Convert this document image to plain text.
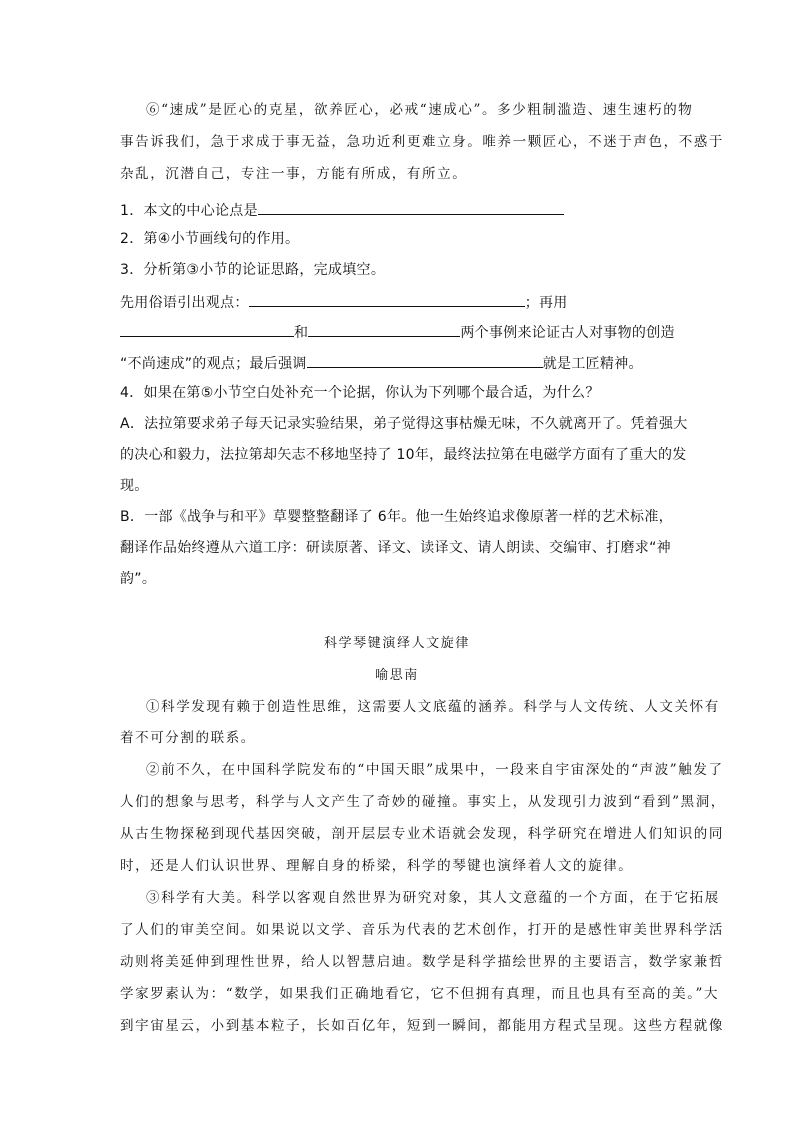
⑥“速成”是匠心的克星，欲养匠心，必戒“速成心”。多少粗制滥造、速生速朽的物
事告诉我们，急于求成于事无益，急功近利更难立身。唯养一颗匠心，不迷于声色，不惑于
杂乱，沉潜自己，专注一事，方能有所成，有所立。
1．本文的中心论点是
2．第④小节画线句的作用。
3．分析第③小节的论证思路，完成填空。
先用俗语引出观点：	；再用
和	两个事例来论证古人对事物的创造
“不尚速成”的观点；最后强调	就是工匠精神。
4．如果在第⑤小节空白处补充一个论据，你认为下列哪个最合适，为什么？
A．法拉第要求弟子每天记录实验结果，弟子觉得这事枯燥无味，不久就离开了。凭着强大
的决心和毅力，法拉第却矢志不移地坚持了 10年，最终法拉第在电磁学方面有了重大的发
现。
B．一部《战争与和平》草婴整整翻译了 6年。他一生始终追求像原著一样的艺术标准，
翻译作品始终遵从六道工序：研读原著、译文、读译文、请人朗读、交编审、打磨求“神
韵”。
科学琴键演绎人文旋律
喻思南
①科学发现有赖于创造性思维，这需要人文底蕴的涵养。科学与人文传统、人文关怀有
着不可分割的联系。
②前不久，在中国科学院发布的“中国天眼”成果中，一段来自宇宙深处的“声波”触发了
人们的想象与思考，科学与人文产生了奇妙的碰撞。事实上，从发现引力波到“看到”黑洞，
从古生物探秘到现代基因突破，剖开层层专业术语就会发现，科学研究在增进人们知识的同
时，还是人们认识世界、理解自身的桥梁，科学的琴键也演绎着人文的旋律。
③科学有大美。科学以客观自然世界为研究对象，其人文意蕴的一个方面，在于它拓展
了人们的审美空间。如果说以文学、音乐为代表的艺术创作，打开的是感性审美世界科学活
动则将美延伸到理性世界，给人以智慧启迪。数学是科学描绘世界的主要语言，数学家兼哲
学家罗素认为：“数学，如果我们正确地看它，它不但拥有真理，而且也具有至高的美。”大
到宇宙星云，小到基本粒子，长如百亿年，短到一瞬间，都能用方程式呈现。这些方程就像
